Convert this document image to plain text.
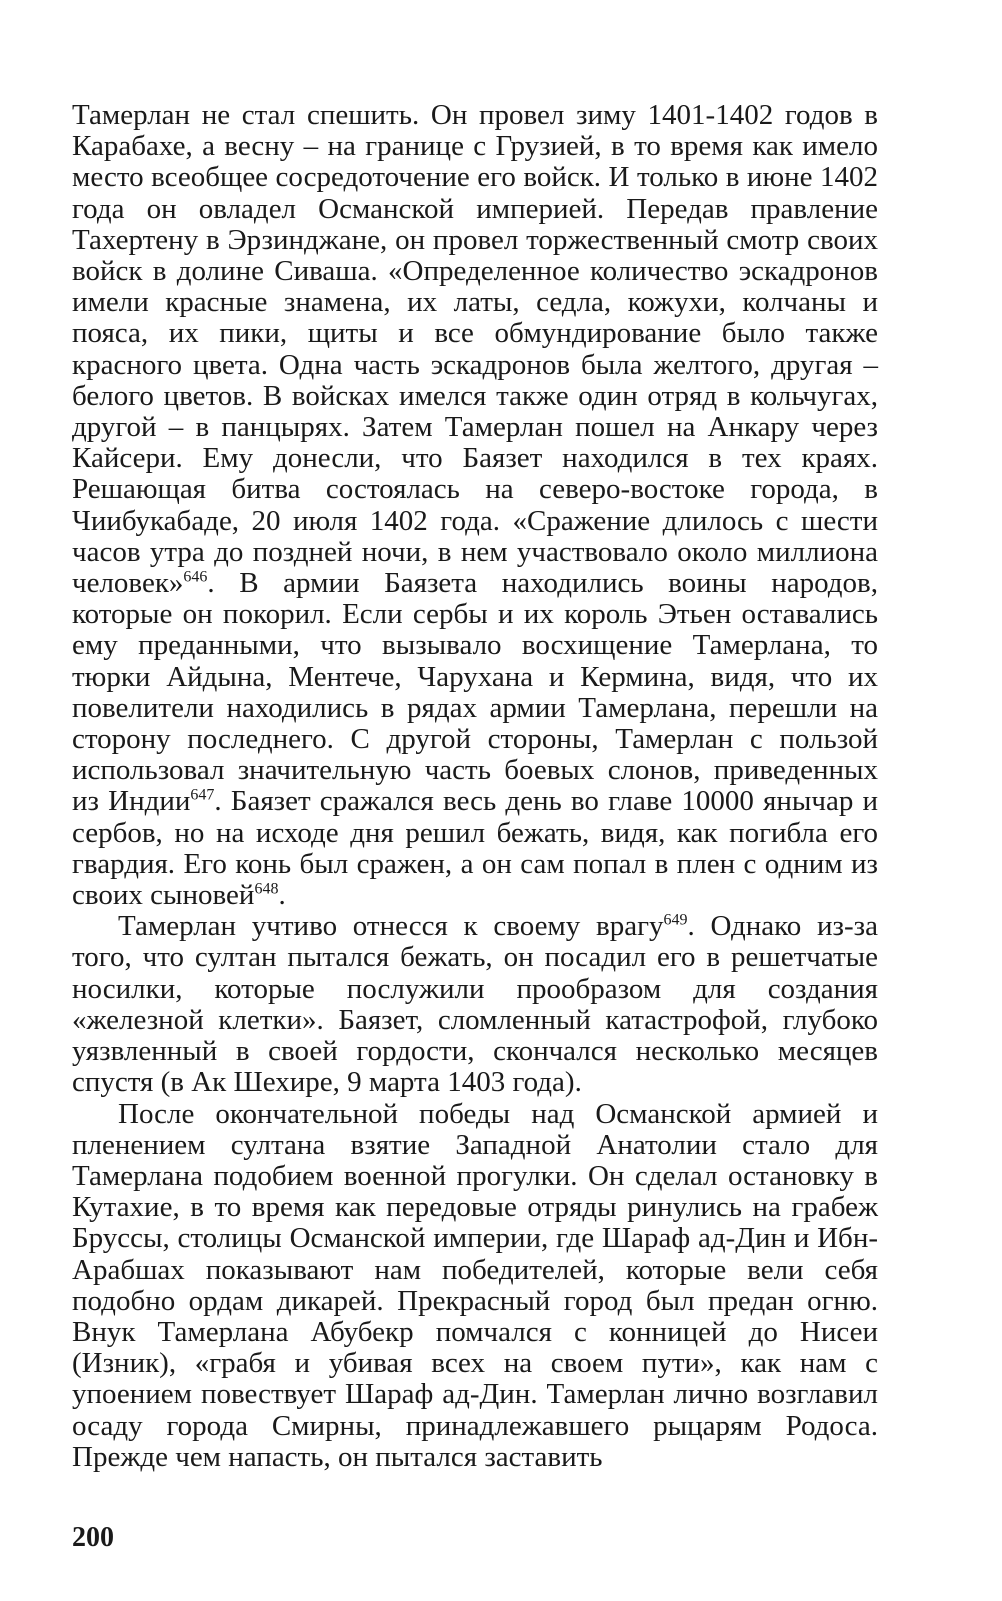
Тамерлан не стал спешить. Он провел зиму 1401-1402 годов в Карабахе, а весну – на границе с Грузией, в то время как имело место всеобщее сосредоточение его войск. И только в июне 1402 года он овладел Османской империей. Передав правление Тахертену в Эрзинджане, он провел торжественный смотр своих войск в долине Сиваша. «Определенное количество эскадронов имели красные знамена, их латы, седла, кожухи, колчаны и пояса, их пики, щиты и все обмундирование было также красного цвета. Одна часть эскадронов была желтого, другая – белого цветов. В войсках имелся также один отряд в кольчугах, другой – в панцырях. Затем Тамерлан пошел на Анкару через Кайсери. Ему донесли, что Баязет находился в тех краях. Решающая битва состоялась на северо-востоке города, в Чиибукабаде, 20 июля 1402 года. «Сражение длилось с шести часов утра до поздней ночи, в нем участвовало около миллиона человек»$^{646}$. В армии Баязета находились воины народов, которые он покорил. Если сербы и их король Этьен оставались ему преданными, что вызывало восхищение Тамерлана, то тюрки Айдына, Ментече, Чарухана и Кермина, видя, что их повелители находились в рядах армии Тамерлана, перешли на сторону последнего. С другой стороны, Тамерлан с пользой использовал значительную часть боевых слонов, приведенных из Индии$^{647}$. Баязет сражался весь день во главе 10000 янычар и сербов, но на исходе дня решил бежать, видя, как погибла его гвардия. Его конь был сражен, а он сам попал в плен с одним из своих сыновей$^{648}$.

Тамерлан учтиво отнесся к своему врагу$^{649}$. Однако из-за того, что султан пытался бежать, он посадил его в решетчатые носилки, которые послужили прообразом для создания «железной клетки». Баязет, сломленный катастрофой, глубоко уязвленный в своей гордости, скончался несколько месяцев спустя (в Ак Шехире, 9 марта 1403 года).

После окончательной победы над Османской армией и пленением султана взятие Западной Анатолии стало для Тамерлана подобием военной прогулки. Он сделал остановку в Кутахие, в то время как передовые отряды ринулись на грабеж Бруссы, столицы Османской империи, где Шараф ад-Дин и Ибн-Арабшах показывают нам победителей, которые вели себя подобно ордам дикарей. Прекрасный город был предан огню. Внук Тамерлана Абубекр помчался с конницей до Нисеи (Изник), «грабя и убивая всех на своем пути», как нам с упоением повествует Шараф ад-Дин. Тамерлан лично возглавил осаду города Смирны, принадлежавшего рыцарям Родоса. Прежде чем напасть, он пытался заставить

200
